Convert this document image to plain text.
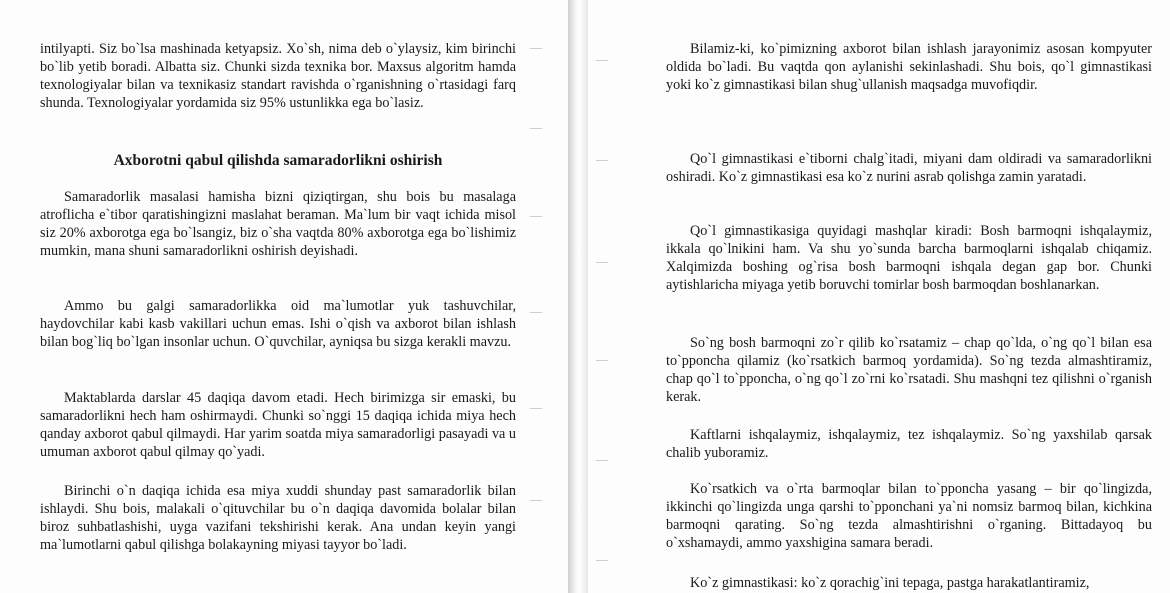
intilyapti. Siz bo`lsa mashinada ketyapsiz. Xo`sh, nima deb o`ylaysiz, kim birinchi bo`lib yetib boradi. Albatta siz. Chunki sizda texnika bor. Maxsus algoritm hamda texnologiyalar bilan va texnikasiz standart ravishda o`rganishning o`rtasidagi farq shunda. Texnologiyalar yordamida siz 95% ustunlikka ega bo`lasiz.

Axborotni qabul qilishda samaradorlikni oshirish

Samaradorlik masalasi hamisha bizni qiziqtirgan, shu bois bu masalaga atroflicha e`tibor qaratishingizni maslahat beraman. Ma`lum bir vaqt ichida misol siz 20% axborotga ega bo`lsangiz, biz o`sha vaqtda 80% axborotga ega bo`lishimiz mumkin, mana shuni samaradorlikni oshirish deyishadi.

Ammo bu galgi samaradorlikka oid ma`lumotlar yuk tashuvchilar, haydovchilar kabi kasb vakillari uchun emas. Ishi o`qish va axborot bilan ishlash bilan bog`liq bo`lgan insonlar uchun. O`quvchilar, ayniqsa bu sizga kerakli mavzu.

Maktablarda darslar 45 daqiqa davom etadi. Hech birimizga sir emaski, bu samaradorlikni hech ham oshirmaydi. Chunki so`nggi 15 daqiqa ichida miya hech qanday axborot qabul qilmaydi. Har yarim soatda miya samaradorligi pasayadi va u umuman axborot qabul qilmay qo`yadi.

Birinchi o`n daqiqa ichida esa miya xuddi shunday past samaradorlik bilan ishlaydi. Shu bois, malakali o`qituvchilar bu o`n daqiqa davomida bolalar bilan biroz suhbatlashishi, uyga vazifani tekshirishi kerak. Ana undan keyin yangi ma`lumotlarni qabul qilishga bolakayning miyasi tayyor bo`ladi.

Bilamiz-ki, ko`pimizning axborot bilan ishlash jarayonimiz asosan kompyuter oldida bo`ladi. Bu vaqtda qon aylanishi sekinlashadi. Shu bois, qo`l gimnastikasi yoki ko`z gimnastikasi bilan shug`ullanish maqsadga muvofiqdir.

Qo`l gimnastikasi e`tiborni chalg`itadi, miyani dam oldiradi va samaradorlikni oshiradi. Ko`z gimnastikasi esa ko`z nurini asrab qolishga zamin yaratadi.

Qo`l gimnastikasiga quyidagi mashqlar kiradi: Bosh barmoqni ishqalaymiz, ikkala qo`lnikini ham. Va shu yo`sunda barcha barmoqlarni ishqalab chiqamiz. Xalqimizda boshing og`risa bosh barmoqni ishqala degan gap bor. Chunki aytishlaricha miyaga yetib boruvchi tomirlar bosh barmoqdan boshlanarkan.

So`ng bosh barmoqni zo`r qilib ko`rsatamiz – chap qo`lda, o`ng qo`l bilan esa to`pponcha qilamiz (ko`rsatkich barmoq yordamida). So`ng tezda almashtiramiz, chap qo`l to`pponcha, o`ng qo`l zo`rni ko`rsatadi. Shu mashqni tez qilishni o`rganish kerak.

Kaftlarni ishqalaymiz, ishqalaymiz, tez ishqalaymiz. So`ng yaxshilab qarsak chalib yuboramiz.

Ko`rsatkich va o`rta barmoqlar bilan to`pponcha yasang – bir qo`lingizda, ikkinchi qo`lingizda unga qarshi to`pponchani ya`ni nomsiz barmoq bilan, kichkina barmoqni qarating. So`ng tezda almashtirishni o`rganing. Bittadayoq bu o`xshamaydi, ammo yaxshigina samara beradi.

Ko`z gimnastikasi: ko`z qorachig`ini tepaga, pastga harakatlantiramiz,
